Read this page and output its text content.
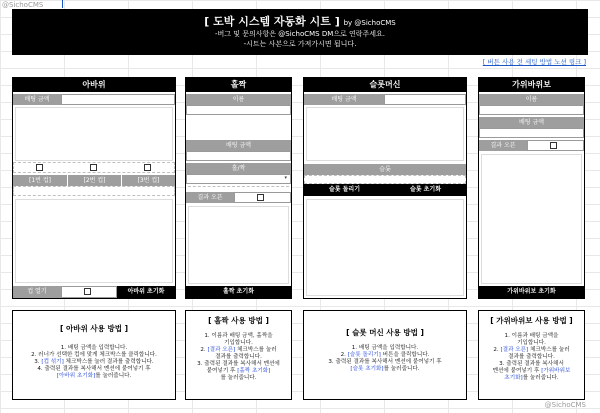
@SichoCMS
[ 도박 시스템 자동화 시트 ] by @SichoCMS
-버그 및 문의사항은 @SichoCMS DM으로 연락주세요.
-시트는 사본으로 가져가시면 됩니다.
[ 버튼 사용 전 세팅 방법 노션 링크 ]
아바위
배팅 금액
[1번 컵]	[2번 컵]	[3번 컵]
컵 열기	아바위 초기화
홀짝
이름
배팅 금액
홀/짝
▾
결과 오픈
홀짝 초기화
슬롯머신
배팅 금액
슬롯
슬롯 돌리기	슬롯 초기화
가위바위보
이름
배팅 금액
결과 오픈
가위바위보 초기화
[ 아바위 사용 방법 ]
1. 배팅 금액을 입력합니다.
2. 러너가 선택한 컵에 맞게 체크박스를 클릭합니다.
3. [컵 섞기] 체크박스를 눌러 결과를 출력합니다.
4. 출력된 결과를 복사해서 멘션에 붙여넣기 후
[아바위 초기화]를 눌러줍니다.
[ 홀짝 사용 방법 ]
1. 이름과 배팅 금액, 홀짝을
기입합니다.
2. [결과 오픈] 체크박스를 눌러
결과를 출력합니다.
3. 출력된 결과를 복사해서 멘션에
붙여넣기 후 [홀짝 초기화]
를 눌러줍니다.
[ 슬롯 머신 사용 방법 ]
1. 배팅 금액을 입력합니다.
2. [슬롯 돌리기] 버튼을 클릭합니다.
3. 출력된 결과를 복사해서 멘션에 붙여넣기 후
[슬롯 초기화]를 눌러줍니다.
[ 가위바위보 사용 방법 ]
1. 이름과 배팅 금액을
기입합니다.
2. [결과 오픈] 체크박스를 눌러
결과를 출력합니다.
3. 출력된 결과를 복사해서
멘션에 붙여넣기 후 [가위바위보
초기화]를 눌러줍니다.
@SichoCMS
